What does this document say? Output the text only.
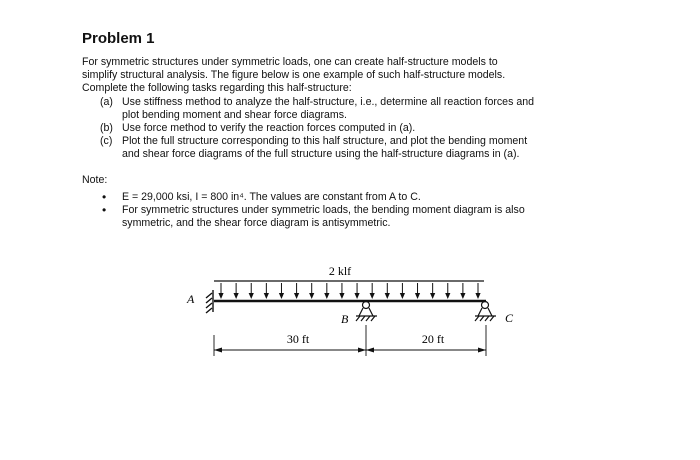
Problem 1

For symmetric structures under symmetric loads, one can create half-structure models to
simplify structural analysis. The figure below is one example of such half-structure models.
Complete the following tasks regarding this half-structure:

(a) Use stiffness method to analyze the half-structure, i.e., determine all reaction forces and
plot bending moment and shear force diagrams.
(b) Use force method to verify the reaction forces computed in (a).
(c) Plot the full structure corresponding to this half structure, and plot the bending moment
and shear force diagrams of the full structure using the half-structure diagrams in (a).
Note:
• E = 29,000 ksi, I = 800 in⁴. The values are constant from A to C.
• For symmetric structures under symmetric loads, the bending moment diagram is also
symmetric, and the shear force diagram is antisymmetric.
2 klf
A
B	C
30 ft	20 ft
